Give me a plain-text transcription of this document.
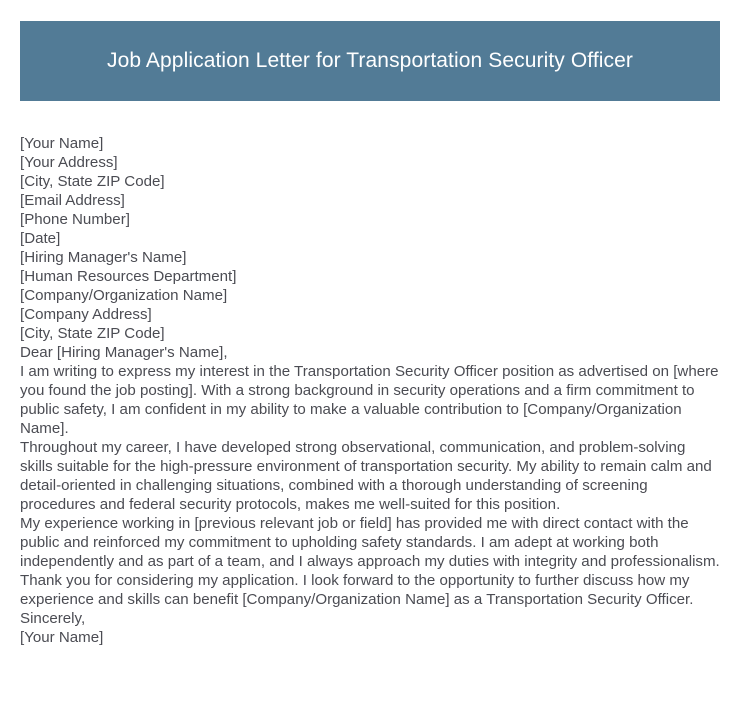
Job Application Letter for Transportation Security Officer
[Your Name]
[Your Address]
[City, State ZIP Code]
[Email Address]
[Phone Number]
[Date]
[Hiring Manager's Name]
[Human Resources Department]
[Company/Organization Name]
[Company Address]
[City, State ZIP Code]
Dear [Hiring Manager's Name],
I am writing to express my interest in the Transportation Security Officer position as advertised on [where you found the job posting]. With a strong background in security operations and a firm commitment to public safety, I am confident in my ability to make a valuable contribution to [Company/Organization Name].
Throughout my career, I have developed strong observational, communication, and problem-solving skills suitable for the high-pressure environment of transportation security. My ability to remain calm and detail-oriented in challenging situations, combined with a thorough understanding of screening procedures and federal security protocols, makes me well-suited for this position.
My experience working in [previous relevant job or field] has provided me with direct contact with the public and reinforced my commitment to upholding safety standards. I am adept at working both independently and as part of a team, and I always approach my duties with integrity and professionalism.
Thank you for considering my application. I look forward to the opportunity to further discuss how my experience and skills can benefit [Company/Organization Name] as a Transportation Security Officer.
Sincerely,
[Your Name]
